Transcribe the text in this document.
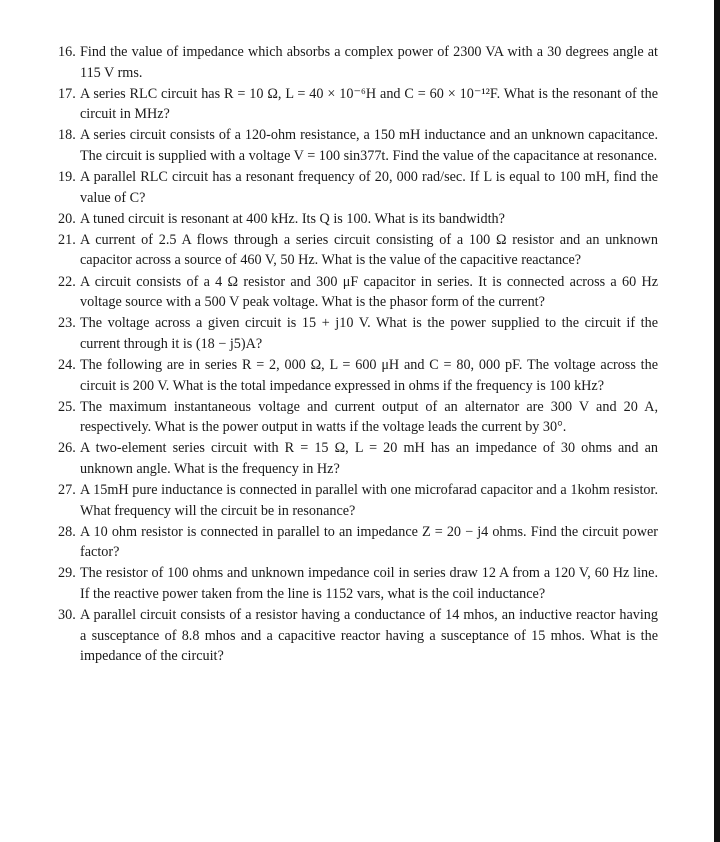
16. Find the value of impedance which absorbs a complex power of 2300 VA with a 30 degrees angle at 115 V rms.
17. A series RLC circuit has R = 10 Ω, L = 40 × 10⁻⁶H and C = 60 × 10⁻¹²F. What is the resonant of the circuit in MHz?
18. A series circuit consists of a 120-ohm resistance, a 150 mH inductance and an unknown capacitance. The circuit is supplied with a voltage V = 100 sin377t. Find the value of the capacitance at resonance.
19. A parallel RLC circuit has a resonant frequency of 20, 000 rad/sec. If L is equal to 100 mH, find the value of C?
20. A tuned circuit is resonant at 400 kHz. Its Q is 100. What is its bandwidth?
21. A current of 2.5 A flows through a series circuit consisting of a 100 Ω resistor and an unknown capacitor across a source of 460 V, 50 Hz. What is the value of the capacitive reactance?
22. A circuit consists of a 4 Ω resistor and 300 μF capacitor in series. It is connected across a 60 Hz voltage source with a 500 V peak voltage. What is the phasor form of the current?
23. The voltage across a given circuit is 15 + j10 V. What is the power supplied to the circuit if the current through it is (18 − j5)A?
24. The following are in series R = 2, 000 Ω, L = 600 μH and C = 80, 000 pF. The voltage across the circuit is 200 V. What is the total impedance expressed in ohms if the frequency is 100 kHz?
25. The maximum instantaneous voltage and current output of an alternator are 300 V and 20 A, respectively. What is the power output in watts if the voltage leads the current by 30°.
26. A two-element series circuit with R = 15 Ω, L = 20 mH has an impedance of 30 ohms and an unknown angle. What is the frequency in Hz?
27. A 15mH pure inductance is connected in parallel with one microfarad capacitor and a 1kohm resistor. What frequency will the circuit be in resonance?
28. A 10 ohm resistor is connected in parallel to an impedance Z = 20 − j4 ohms. Find the circuit power factor?
29. The resistor of 100 ohms and unknown impedance coil in series draw 12 A from a 120 V, 60 Hz line. If the reactive power taken from the line is 1152 vars, what is the coil inductance?
30. A parallel circuit consists of a resistor having a conductance of 14 mhos, an inductive reactor having a susceptance of 8.8 mhos and a capacitive reactor having a susceptance of 15 mhos. What is the impedance of the circuit?
